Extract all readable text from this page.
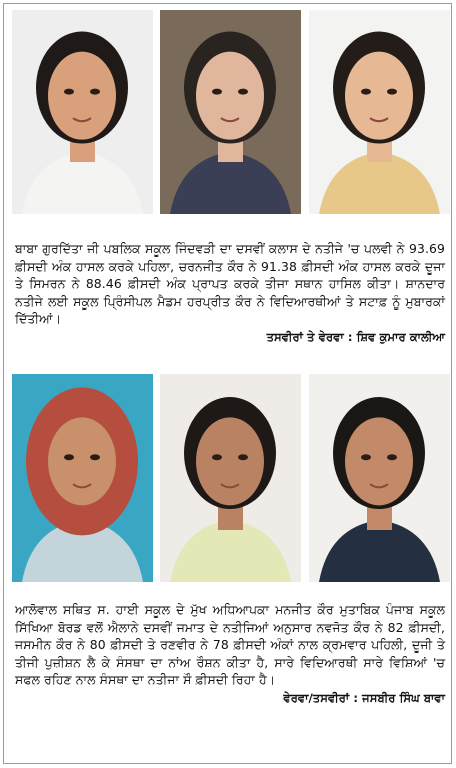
ਬਾਬਾ ਗੁਰਦਿੱਤਾ ਜੀ ਪਬਲਿਕ ਸਕੂਲ ਜਿੰਦਵੜੀ ਦਾ ਦਸਵੀਂ ਕਲਾਸ ਦੇ ਨਤੀਜੇ 'ਚ ਪਲਵੀ ਨੇ 93.69 ਫ਼ੀਸਦੀ ਅੰਕ ਹਾਸਲ ਕਰਕੇ ਪਹਿਲਾ, ਚਰਨਜੀਤ ਕੌਰ ਨੇ 91.38 ਫ਼ੀਸਦੀ ਅੰਕ ਹਾਸਲ ਕਰਕੇ ਦੂਜਾ ਤੇ ਸਿਮਰਨ ਨੇ 88.46 ਫ਼ੀਸਦੀ ਅੰਕ ਪ੍ਰਾਪਤ ਕਰਕੇ ਤੀਜਾ ਸਥਾਨ ਹਾਸਿਲ ਕੀਤਾ। ਸ਼ਾਨਦਾਰ ਨਤੀਜੇ ਲਈ ਸਕੂਲ ਪ੍ਰਿੰਸੀਪਲ ਮੈਡਮ ਹਰਪ੍ਰੀਤ ਕੌਰ ਨੇ ਵਿਦਿਆਰਥੀਆਂ ਤੇ ਸਟਾਫ਼ ਨੂੰ ਮੁਬਾਰਕਾਂ ਦਿੱਤੀਆਂ।
ਤਸਵੀਰਾਂ ਤੇ ਵੇਰਵਾ : ਸ਼ਿਵ ਕੁਮਾਰ ਕਾਲੀਆ
ਆਲੋਵਾਲ ਸਥਿਤ ਸ. ਹਾਈ ਸਕੂਲ ਦੇ ਮੁੱਖ ਅਧਿਆਪਕਾ ਮਨਜੀਤ ਕੌਰ ਮੁਤਾਬਿਕ ਪੰਜਾਬ ਸਕੂਲ ਸਿੱਖਿਆ ਬੋਰਡ ਵਲੋਂ ਐਲਾਨੇ ਦਸਵੀਂ ਜਮਾਤ ਦੇ ਨਤੀਜਿਆਂ ਅਨੁਸਾਰ ਨਵਜੋਤ ਕੌਰ ਨੇ 82 ਫ਼ੀਸਦੀ, ਜਸਮੀਨ ਕੌਰ ਨੇ 80 ਫ਼ੀਸਦੀ ਤੇ ਰਣਵੀਰ ਨੇ 78 ਫ਼ੀਸਦੀ ਅੰਕਾਂ ਨਾਲ ਕ੍ਰਮਵਾਰ ਪਹਿਲੀ, ਦੂਜੀ ਤੇ ਤੀਜੀ ਪੁਜ਼ੀਸ਼ਨ ਲੈ ਕੇ ਸੰਸਥਾ ਦਾ ਨਾਂਅ ਰੌਸ਼ਨ ਕੀਤਾ ਹੈ, ਸਾਰੇ ਵਿਦਿਆਰਥੀ ਸਾਰੇ ਵਿਸ਼ਿਆਂ 'ਚ ਸਫਲ ਰਹਿਣ ਨਾਲ ਸੰਸਥਾ ਦਾ ਨਤੀਜਾ ਸੌ ਫ਼ੀਸਦੀ ਰਿਹਾ ਹੈ।
ਵੇਰਵਾ/ਤਸਵੀਰਾਂ : ਜਸਬੀਰ ਸਿੰਘ ਬਾਵਾ
